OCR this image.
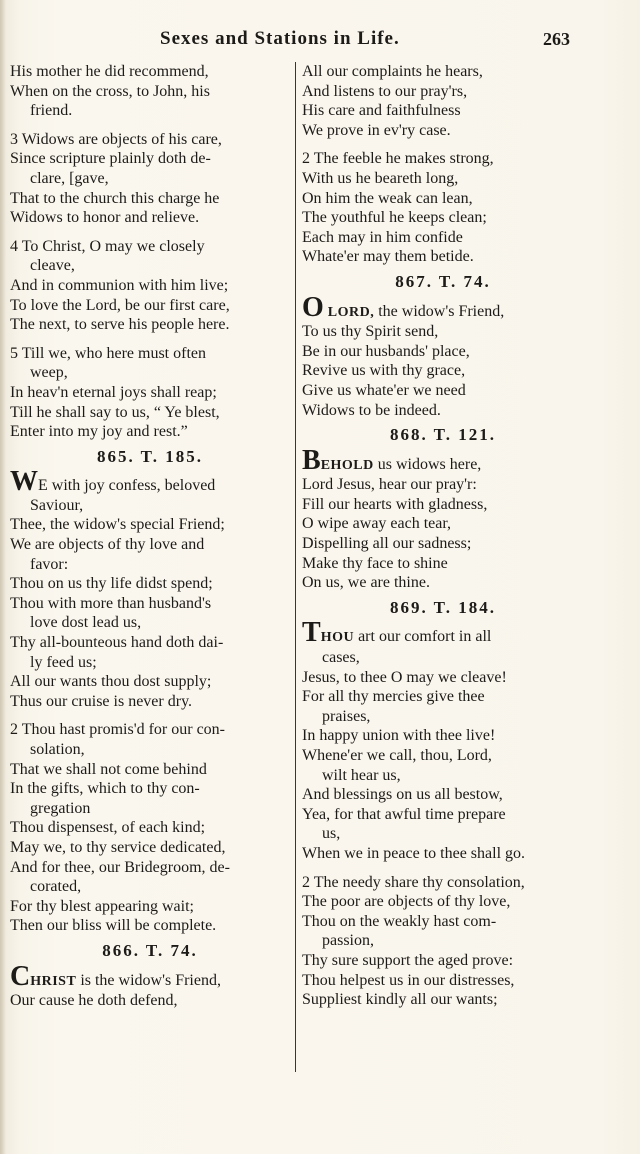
Sexes and Stations in Life.	263
His mother he did recommend,
When on the cross, to John, his
friend.
3 Widows are objects of his care,
Since scripture plainly doth de-
clare, [gave,
That to the church this charge he
Widows to honor and relieve.
4 To Christ, O may we closely
cleave,
And in communion with him live;
To love the Lord, be our first care,
The next, to serve his people here.
5 Till we, who here must often
weep,
In heav'n eternal joys shall reap;
Till he shall say to us, “ Ye blest,
Enter into my joy and rest.”
865. T. 185.
WE with joy confess, beloved
Saviour,
Thee, the widow's special Friend;
We are objects of thy love and
favor:
Thou on us thy life didst spend;
Thou with more than husband's
love dost lead us,
Thy all-bounteous hand doth dai-
ly feed us;
All our wants thou dost supply;
Thus our cruise is never dry.
2 Thou hast promis'd for our con-
solation,
That we shall not come behind
In the gifts, which to thy con-
gregation
Thou dispensest, of each kind;
May we, to thy service dedicated,
And for thee, our Bridegroom, de-
corated,
For thy blest appearing wait;
Then our bliss will be complete.
866. T. 74.
CHRIST is the widow's Friend,
Our cause he doth defend,
All our complaints he hears,
And listens to our pray'rs,
His care and faithfulness
We prove in ev'ry case.
2 The feeble he makes strong,
With us he beareth long,
On him the weak can lean,
The youthful he keeps clean;
Each may in him confide
Whate'er may them betide.
867. T. 74.
O LORD, the widow's Friend,
To us thy Spirit send,
Be in our husbands' place,
Revive us with thy grace,
Give us whate'er we need
Widows to be indeed.
868. T. 121.
BEHOLD us widows here,
Lord Jesus, hear our pray'r:
Fill our hearts with gladness,
O wipe away each tear,
Dispelling all our sadness;
Make thy face to shine
On us, we are thine.
869. T. 184.
THOU art our comfort in all
cases,
Jesus, to thee O may we cleave!
For all thy mercies give thee
praises,
In happy union with thee live!
Whene'er we call, thou, Lord,
wilt hear us,
And blessings on us all bestow,
Yea, for that awful time prepare
us,
When we in peace to thee shall go.
2 The needy share thy consolation,
The poor are objects of thy love,
Thou on the weakly hast com-
passion,
Thy sure support the aged prove:
Thou helpest us in our distresses,
Suppliest kindly all our wants;
